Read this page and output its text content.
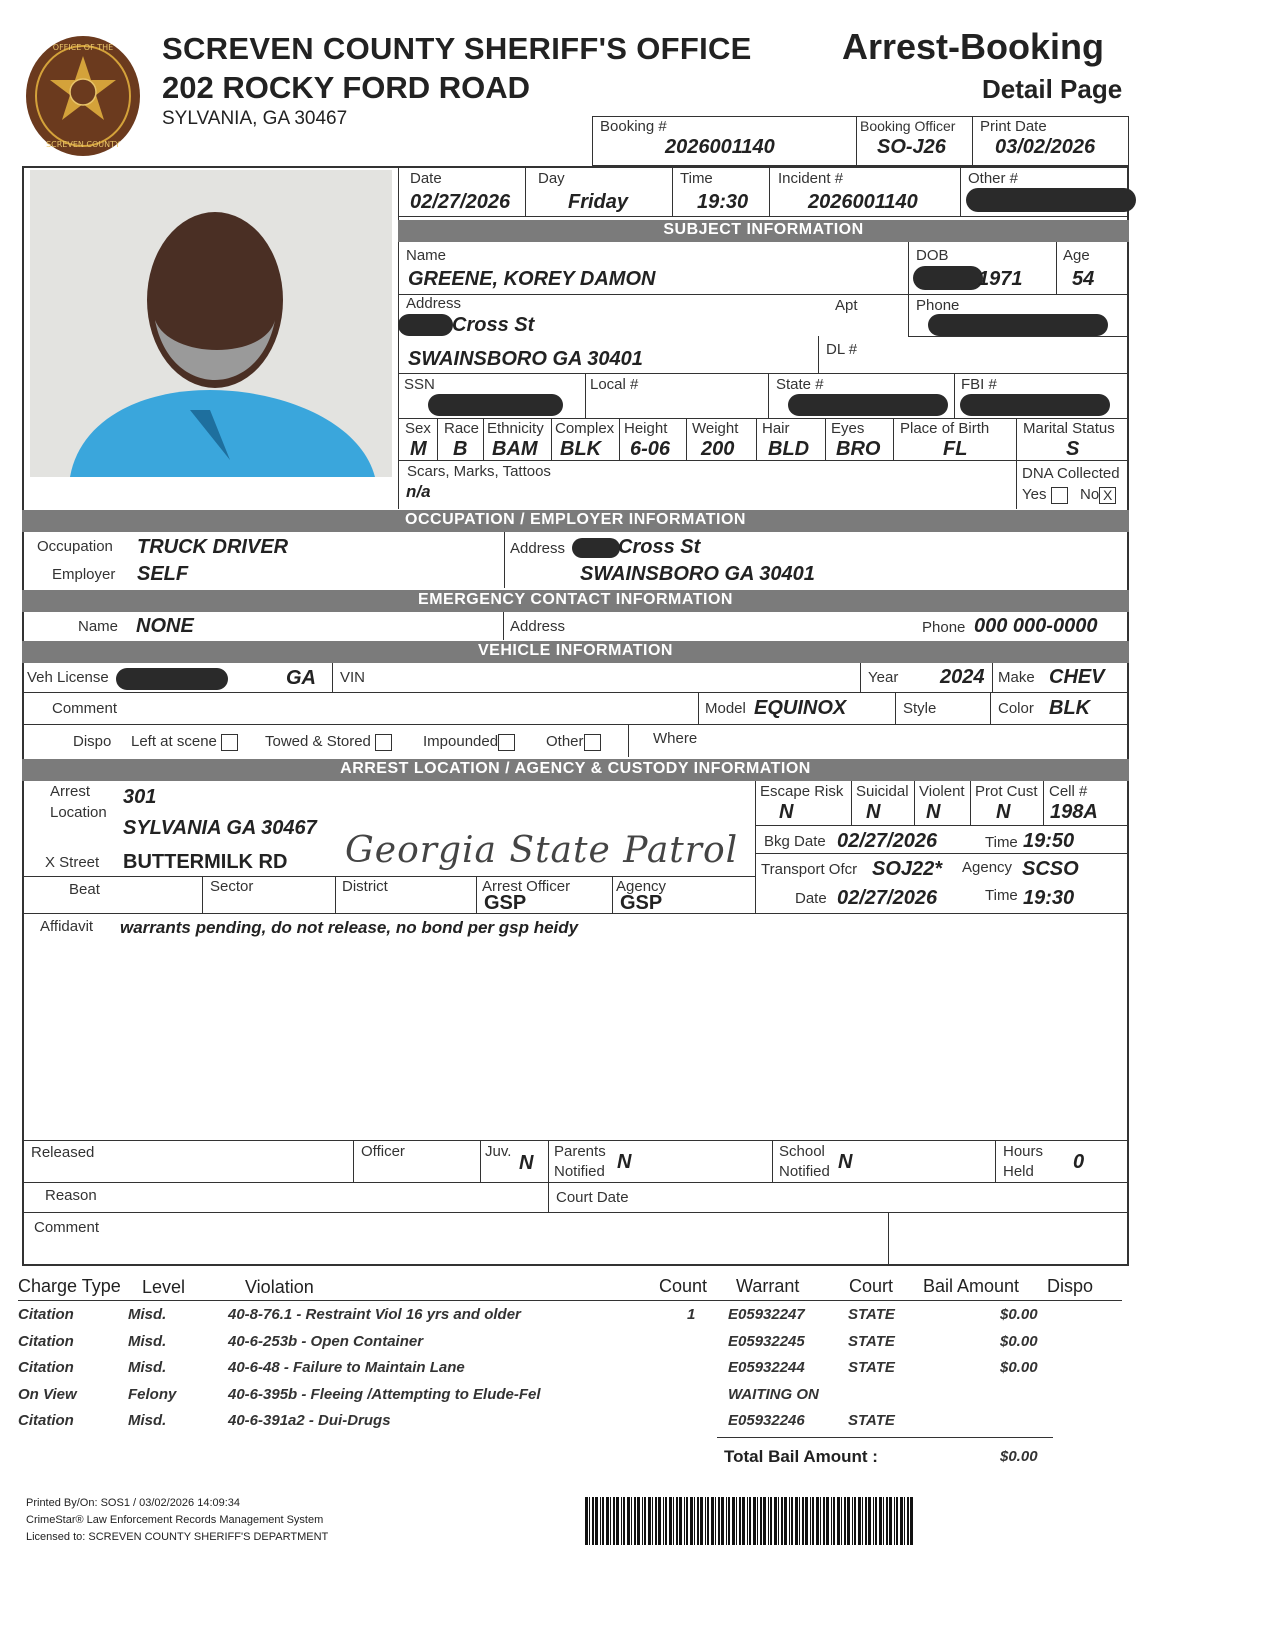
OFFICE OF THE
SCREVEN COUNTY
SCREVEN COUNTY SHERIFF'S OFFICE
202 ROCKY FORD ROAD
SYLVANIA, GA 30467
Arrest-Booking
Detail Page
Booking #
2026001140
Booking Officer
SO-J26
Print Date
03/02/2026
Date
02/27/2026
Day
Friday
Time
19:30
Incident #
2026001140
Other #
SUBJECT INFORMATION
Name
GREENE, KOREY DAMON
DOB
1971
Age
54
Address
Cross St
SWAINSBORO GA 30401
Apt	Phone
DL #
SSN	Local #	State #	FBI #
Sex
M
Race
B
Ethnicity
BAM
Complex
BLK
Height
6-06
Weight
200
Hair
BLD
Eyes
BRO
Place of Birth
FL
Marital Status
S
Scars, Marks, Tattoos
n/a
DNA Collected
Yes	No X
OCCUPATION / EMPLOYER INFORMATION
Occupation TRUCK DRIVER
Employer SELF
Address	Cross St
SWAINSBORO GA 30401
EMERGENCY CONTACT INFORMATION
Name NONE	Address	Phone 000 000-0000
VEHICLE INFORMATION
Veh License	GA VIN	Year 2024 Make CHEV
Comment	Model EQUINOX	Style	Color BLK
Dispo Left at scene	Towed & Stored	Impounded	Other	Where
ARREST LOCATION / AGENCY & CUSTODY INFORMATION
Arrest
Location
301
SYLVANIA GA 30467
X Street BUTTERMILK RD Georgia State Patrol
Beat	Sector	District	Arrest Officer
GSP
Agency
GSP
Escape Risk
N
Suicidal
N
Violent
N
Prot Cust
N
Cell #
198A
Bkg Date 02/27/2026	Time 19:50
Transport Ofcr SOJ22* Agency SCSO
Date 02/27/2026	Time 19:30
Affidavit warrants pending, do not release, no bond per gsp heidy
Released	Officer	Juv.
N
Parents
Notified N	School
Notified N	Hours
Held 0
Reason	Court Date
Comment
Charge Type Level	Violation	Count Warrant	Court Bail Amount Dispo
Citation	Misd.	40-8-76.1 - Restraint Viol 16 yrs and older	1 E05932247	STATE	$0.00
Citation	Misd.	40-6-253b - Open Container	E05932245	STATE	$0.00
Citation	Misd.	40-6-48 - Failure to Maintain Lane	E05932244	STATE	$0.00
On View	Felony	40-6-395b - Fleeing /Attempting to Elude-Fel	WAITING ON
Citation	Misd.	40-6-391a2 - Dui-Drugs	E05932246	STATE
Total Bail Amount :	$0.00
Printed By/On: SOS1 / 03/02/2026 14:09:34
CrimeStar® Law Enforcement Records Management System
Licensed to: SCREVEN COUNTY SHERIFF'S DEPARTMENT
